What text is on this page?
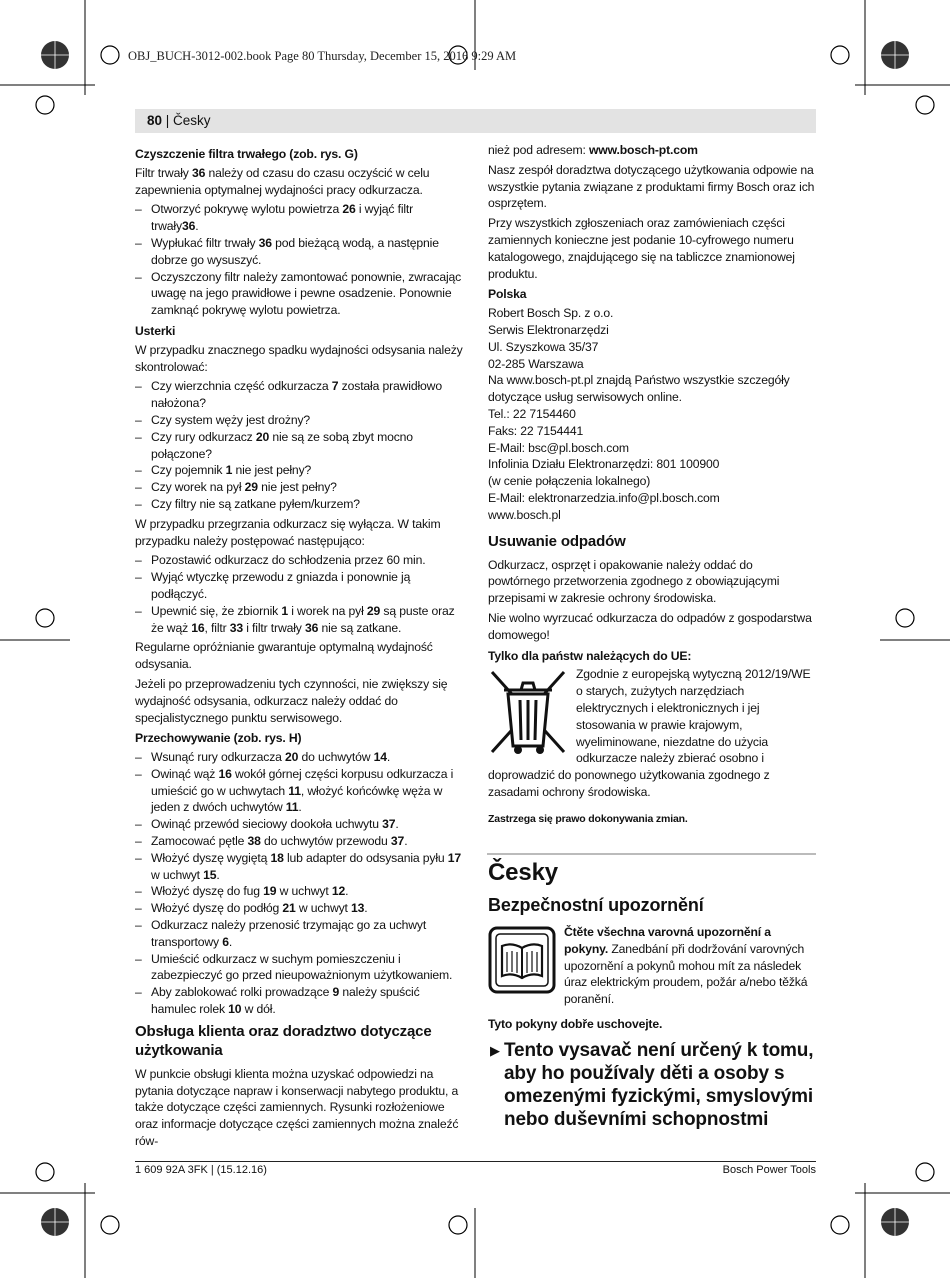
OBJ_BUCH-3012-002.book Page 80 Thursday, December 15, 2016 9:29 AM
80 | Česky
Czyszczenie filtra trwałego (zob. rys. G)

Filtr trwały 36 należy od czasu do czasu oczyścić w celu zapewnienia optymalnej wydajności pracy odkurzacza.

– Otworzyć pokrywę wylotu powietrza 26 i wyjąć filtr trwały36.
– Wypłukać filtr trwały 36 pod bieżącą wodą, a następnie dobrze go wysuszyć.
– Oczyszczony filtr należy zamontować ponownie, zwracając uwagę na jego prawidłowe i pewne osadzenie. Ponownie zamknąć pokrywę wylotu powietrza.
Usterki

W przypadku znacznego spadku wydajności odsysania należy skontrolować:

– Czy wierzchnia część odkurzacza 7 została prawidłowo nałożona?
– Czy system węży jest drożny?
– Czy rury odkurzacz 20 nie są ze sobą zbyt mocno połączone?
– Czy pojemnik 1 nie jest pełny?
– Czy worek na pył 29 nie jest pełny?
– Czy filtry nie są zatkane pyłem/kurzem?

W przypadku przegrzania odkurzacz się wyłącza. W takim przypadku należy postępować następująco:

– Pozostawić odkurzacz do schłodzenia przez 60 min.
– Wyjąć wtyczkę przewodu z gniazda i ponownie ją podłączyć.
– Upewnić się, że zbiornik 1 i worek na pył 29 są puste oraz że wąż 16, filtr 33 i filtr trwały 36 nie są zatkane.

Regularne opróżnianie gwarantuje optymalną wydajność odsysania.

Jeżeli po przeprowadzeniu tych czynności, nie zwiększy się wydajność odsysania, odkurzacz należy oddać do specjalistycznego punktu serwisowego.

Przechowywanie (zob. rys. H)
– Wsunąć rury odkurzacza 20 do uchwytów 14.
– Owinąć wąż 16 wokół górnej części korpusu odkurzacza i umieścić go w uchwytach 11, włożyć końcówkę węża w jeden z dwóch uchwytów 11.
– Owinąć przewód sieciowy dookoła uchwytu 37.
– Zamocować pętle 38 do uchwytów przewodu 37.
– Włożyć dyszę wygiętą 18 lub adapter do odsysania pyłu 17 w uchwyt 15.
– Włożyć dyszę do fug 19 w uchwyt 12.
– Włożyć dyszę do podłóg 21 w uchwyt 13.
– Odkurzacz należy przenosić trzymając go za uchwyt transportowy 6.
– Umieścić odkurzacz w suchym pomieszczeniu i zabezpieczyć go przed nieupoważnionym użytkowaniem.
– Aby zablokować rolki prowadzące 9 należy spuścić hamulec rolek 10 w dół.
Obsługa klienta oraz doradztwo dotyczące użytkowania

W punkcie obsługi klienta można uzyskać odpowiedzi na pytania dotyczące napraw i konserwacji nabytego produktu, a także dotyczące części zamiennych. Rysunki rozłożeniowe oraz informacje dotyczące części zamiennych można znaleźć rów-

nież pod adresem: www.bosch-pt.com

Nasz zespół doradztwa dotyczącego użytkowania odpowie na wszystkie pytania związane z produktami firmy Bosch oraz ich osprzętem.

Przy wszystkich zgłoszeniach oraz zamówieniach części zamiennych konieczne jest podanie 10-cyfrowego numeru katalogowego, znajdującego się na tabliczce znamionowej produktu.

Polska
Robert Bosch Sp. z o.o.
Serwis Elektronarzędzi
Ul. Szyszkowa 35/37
02-285 Warszawa
Na www.bosch-pt.pl znajdą Państwo wszystkie szczegóły dotyczące usług serwisowych online.
Tel.: 22 7154460
Faks: 22 7154441
E-Mail: bsc@pl.bosch.com
Infolinia Działu Elektronarzędzi: 801 100900
(w cenie połączenia lokalnego)
E-Mail: elektronarzedzia.info@pl.bosch.com
www.bosch.pl
Usuwanie odpadów

Odkurzacz, osprzęt i opakowanie należy oddać do powtórnego przetworzenia zgodnego z obowiązującymi przepisami w zakresie ochrony środowiska.

Nie wolno wyrzucać odkurzacza do odpadów z gospodarstwa domowego!

Tylko dla państw należących do UE:
Zgodnie z europejską wytyczną 2012/19/WE o starych, zużytych narzędziach elektrycznych i elektronicznych i jej stosowania w prawie krajowym, wyeliminowane, niezdatne do użycia odkurzacze należy zbierać osobno i doprowadzić do ponownego użytkowania zgodnego z zasadami ochrony środowiska.

Zastrzega się prawo dokonywania zmian.

Česky
Bezpečnostní upozornění
Čtěte všechna varovná upozornění a pokyny. Zanedbání při dodržování varovných upozornění a pokynů mohou mít za následek úraz elektrickým proudem, požár a/nebo těžká poranění.

Tyto pokyny dobře uschovejte.

▶ Tento vysavač není určený k tomu, aby ho používaly děti a osoby s omezenými fyzickými, smyslovými nebo duševními schopnostmi
1 609 92A 3FK | (15.12.16)	Bosch Power Tools
